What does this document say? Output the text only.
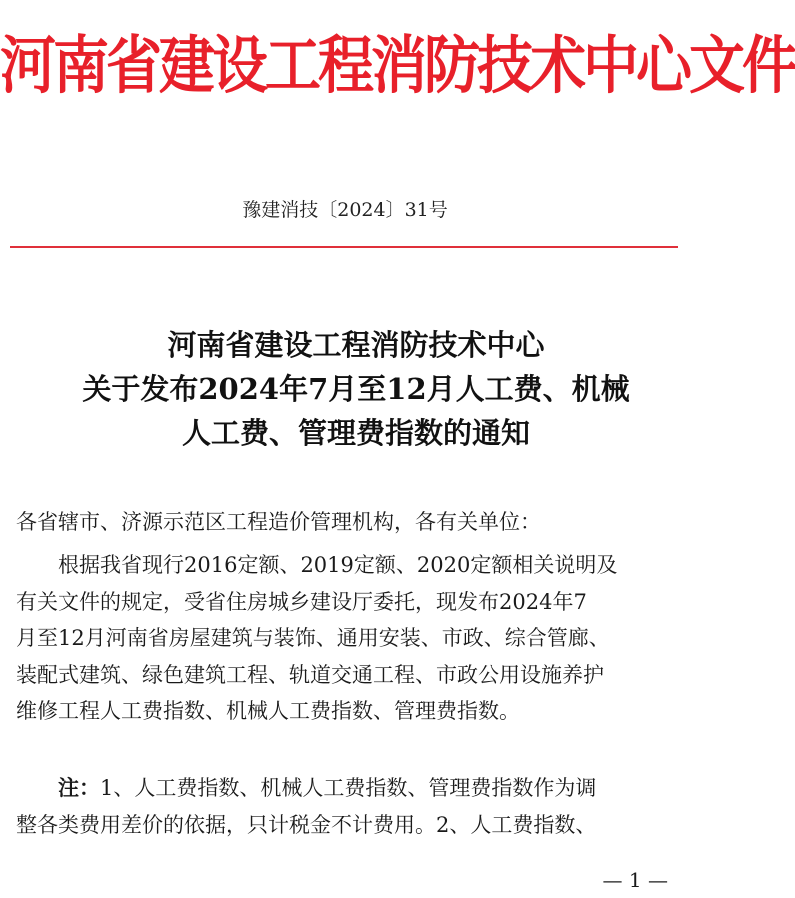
河南省建设工程消防技术中心文件
豫建消技〔2024〕31号
河南省建设工程消防技术中心
关于发布2024年7月至12月人工费、机械
人工费、管理费指数的通知
各省辖市、济源示范区工程造价管理机构，各有关单位：
根据我省现行2016定额、2019定额、2020定额相关说明及
有关文件的规定，受省住房城乡建设厅委托，现发布2024年7
月至12月河南省房屋建筑与装饰、通用安装、市政、综合管廊、
装配式建筑、绿色建筑工程、轨道交通工程、市政公用设施养护
维修工程人工费指数、机械人工费指数、管理费指数。
注： 1、人工费指数、机械人工费指数、管理费指数作为调
整各类费用差价的依据，只计税金不计费用。2、人工费指数、
— 1 —
